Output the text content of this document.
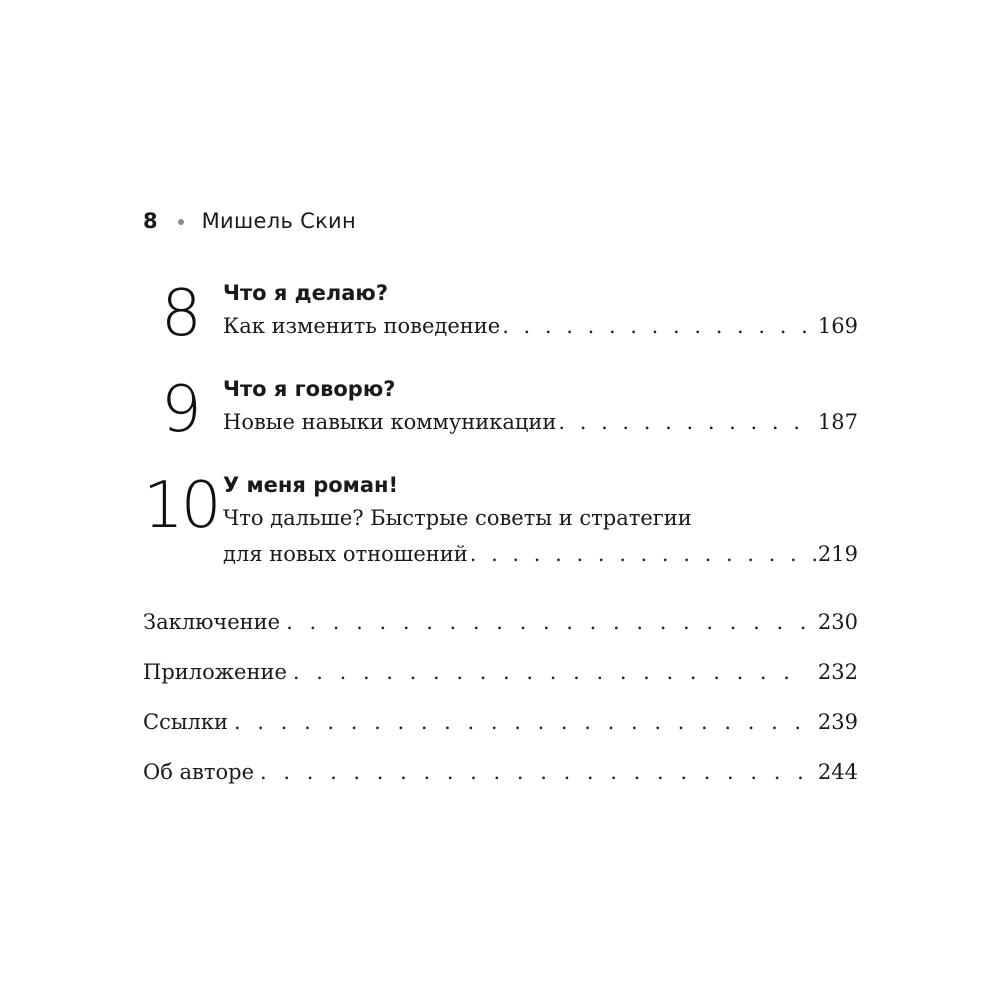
8 Мишель Скин
8 Что я делаю?
Как изменить поведение . . .	169
9 Что я говорю?
Новые навыки коммуникации . . .	187
10 У меня роман!
Что дальше? Быстрые советы и стратегии
для новых отношений . . .	219
Заключение . . .	230
Приложение . . .	232
Ссылки . . .	239
Об авторе . . .	244
